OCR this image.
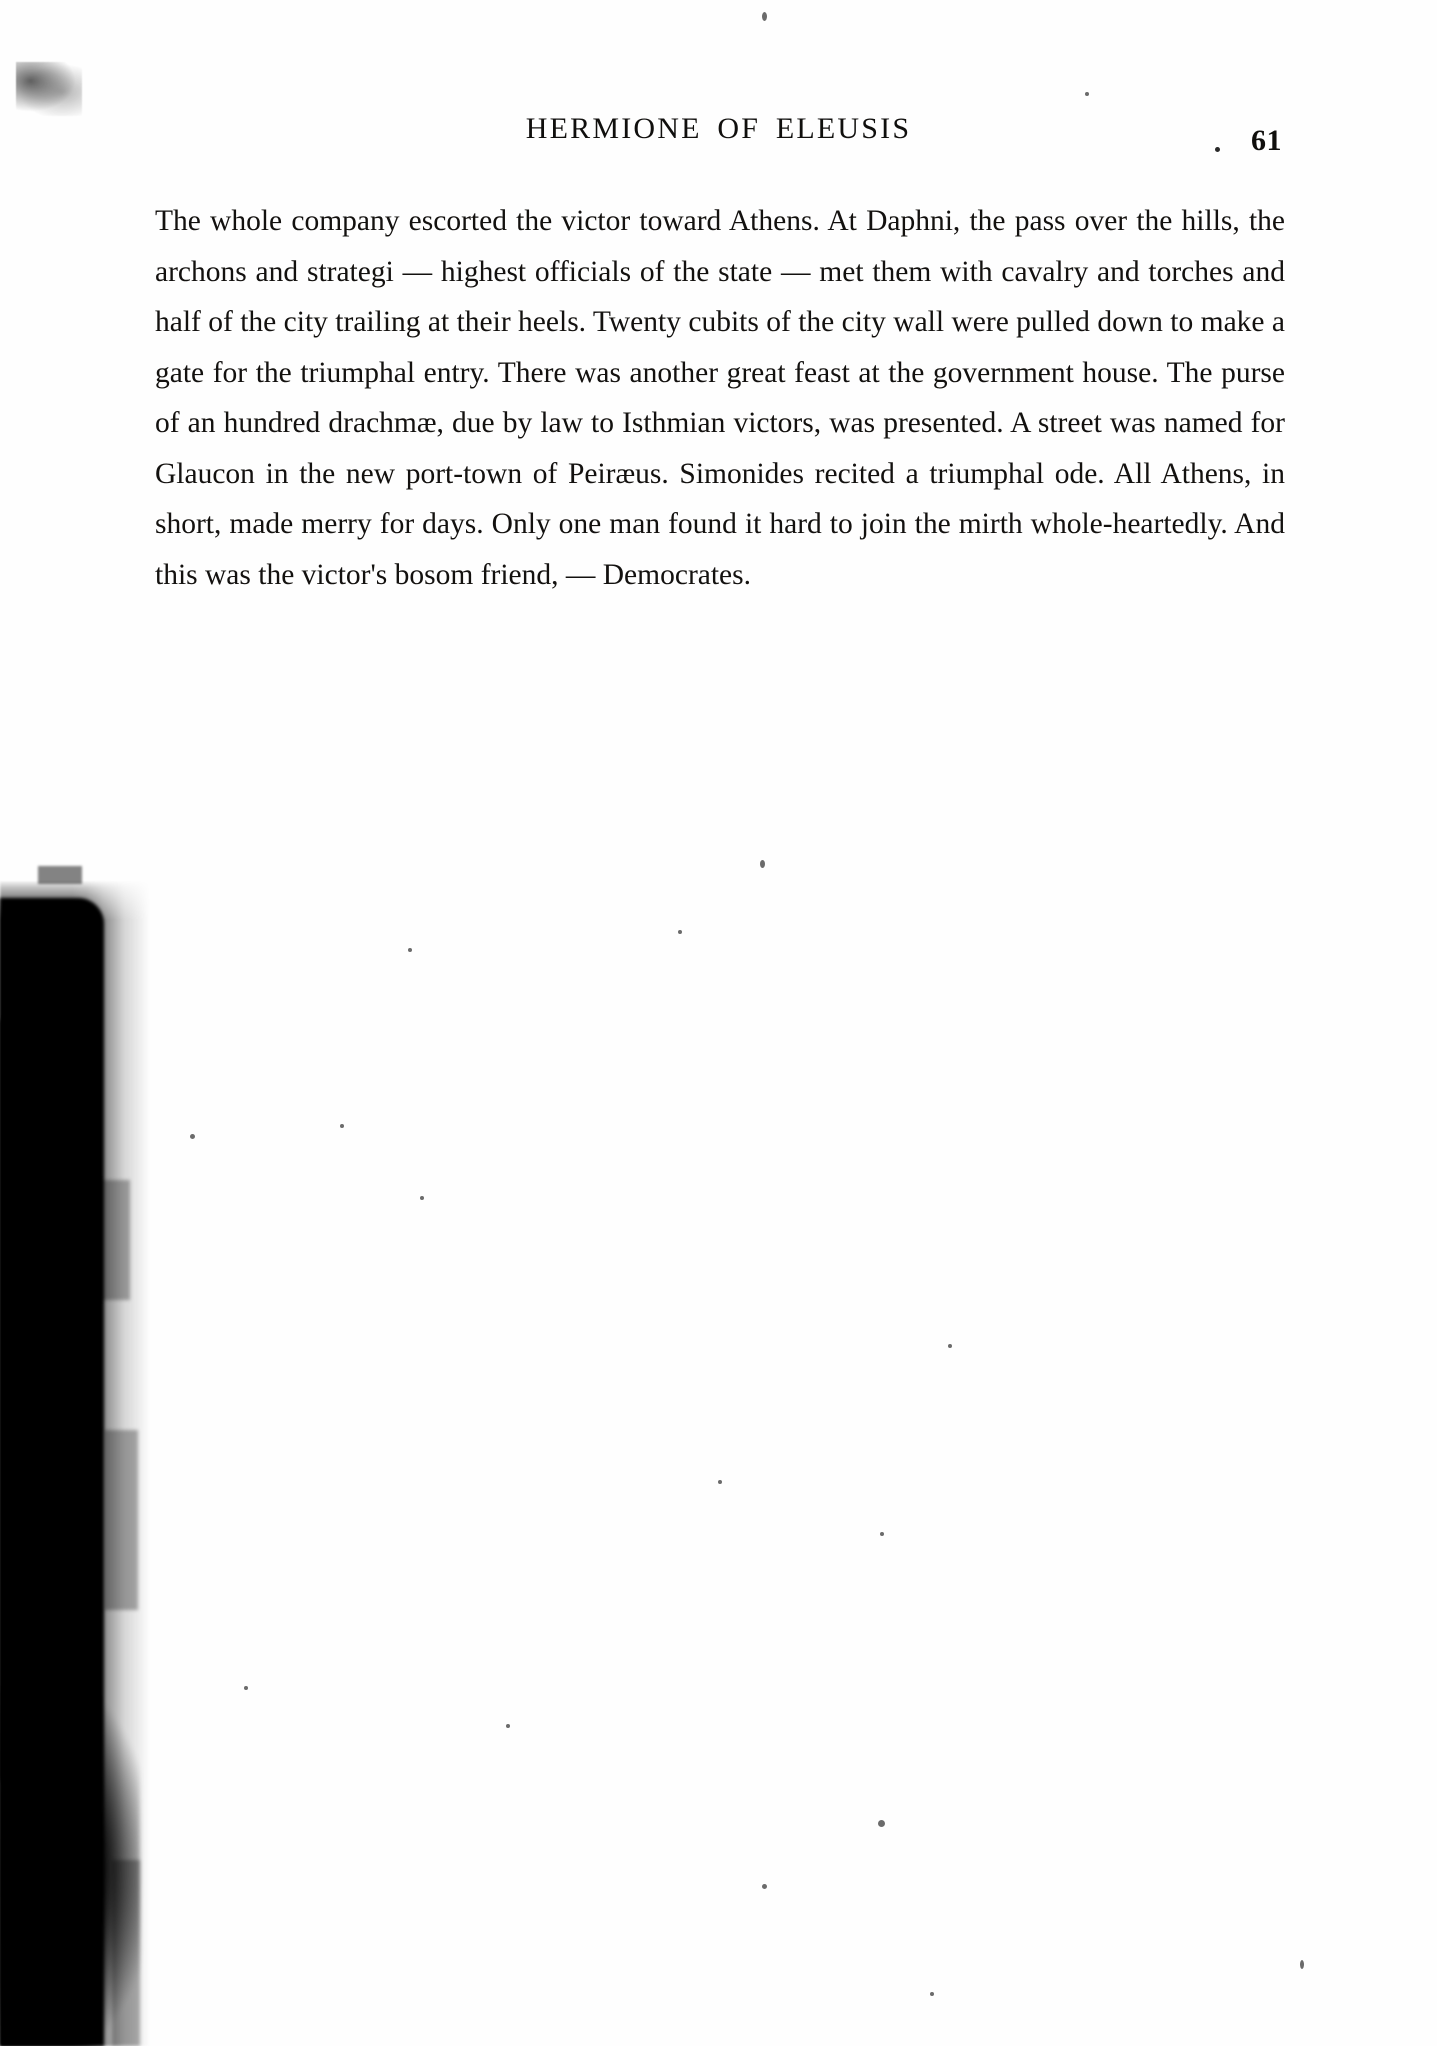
HERMIONE OF ELEUSIS	61

The whole company escorted the victor toward Athens. At Daphni, the pass over the hills, the archons and strategi — highest officials of the state — met them with cavalry and torches and half of the city trailing at their heels. Twenty cubits of the city wall were pulled down to make a gate for the triumphal entry. There was another great feast at the government house. The purse of an hundred drachmæ, due by law to Isthmian victors, was presented. A street was named for Glaucon in the new port-town of Peiræus. Simonides recited a triumphal ode. All Athens, in short, made merry for days. Only one man found it hard to join the mirth whole-heartedly. And this was the victor's bosom friend, — Democrates.
